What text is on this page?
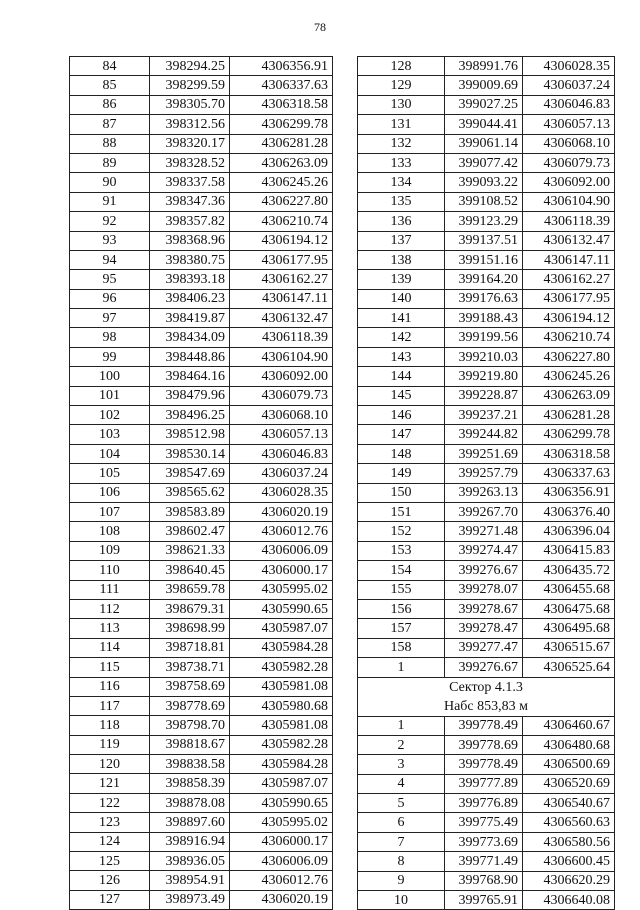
78
84	398294.25	4306356.91
85	398299.59	4306337.63
86	398305.70	4306318.58
87	398312.56	4306299.78
88	398320.17	4306281.28
89	398328.52	4306263.09
90	398337.58	4306245.26
91	398347.36	4306227.80
92	398357.82	4306210.74
93	398368.96	4306194.12
94	398380.75	4306177.95
95	398393.18	4306162.27
96	398406.23	4306147.11
97	398419.87	4306132.47
98	398434.09	4306118.39
99	398448.86	4306104.90
100	398464.16	4306092.00
101	398479.96	4306079.73
102	398496.25	4306068.10
103	398512.98	4306057.13
104	398530.14	4306046.83
105	398547.69	4306037.24
106	398565.62	4306028.35
107	398583.89	4306020.19
108	398602.47	4306012.76
109	398621.33	4306006.09
110	398640.45	4306000.17
111	398659.78	4305995.02
112	398679.31	4305990.65
113	398698.99	4305987.07
114	398718.81	4305984.28
115	398738.71	4305982.28
116	398758.69	4305981.08
117	398778.69	4305980.68
118	398798.70	4305981.08
119	398818.67	4305982.28
120	398838.58	4305984.28
121	398858.39	4305987.07
122	398878.08	4305990.65
123	398897.60	4305995.02
124	398916.94	4306000.17
125	398936.05	4306006.09
126	398954.91	4306012.76
127	398973.49	4306020.19
128	398991.76	4306028.35
129	399009.69	4306037.24
130	399027.25	4306046.83
131	399044.41	4306057.13
132	399061.14	4306068.10
133	399077.42	4306079.73
134	399093.22	4306092.00
135	399108.52	4306104.90
136	399123.29	4306118.39
137	399137.51	4306132.47
138	399151.16	4306147.11
139	399164.20	4306162.27
140	399176.63	4306177.95
141	399188.43	4306194.12
142	399199.56	4306210.74
143	399210.03	4306227.80
144	399219.80	4306245.26
145	399228.87	4306263.09
146	399237.21	4306281.28
147	399244.82	4306299.78
148	399251.69	4306318.58
149	399257.79	4306337.63
150	399263.13	4306356.91
151	399267.70	4306376.40
152	399271.48	4306396.04
153	399274.47	4306415.83
154	399276.67	4306435.72
155	399278.07	4306455.68
156	399278.67	4306475.68
157	399278.47	4306495.68
158	399277.47	4306515.67
1	399276.67	4306525.64
Сектор 4.1.3		
Набс 853,83 м		
1	399778.49	4306460.67
2	399778.69	4306480.68
3	399778.49	4306500.69
4	399777.89	4306520.69
5	399776.89	4306540.67
6	399775.49	4306560.63
7	399773.69	4306580.56
8	399771.49	4306600.45
9	399768.90	4306620.29
10	399765.91	4306640.08
